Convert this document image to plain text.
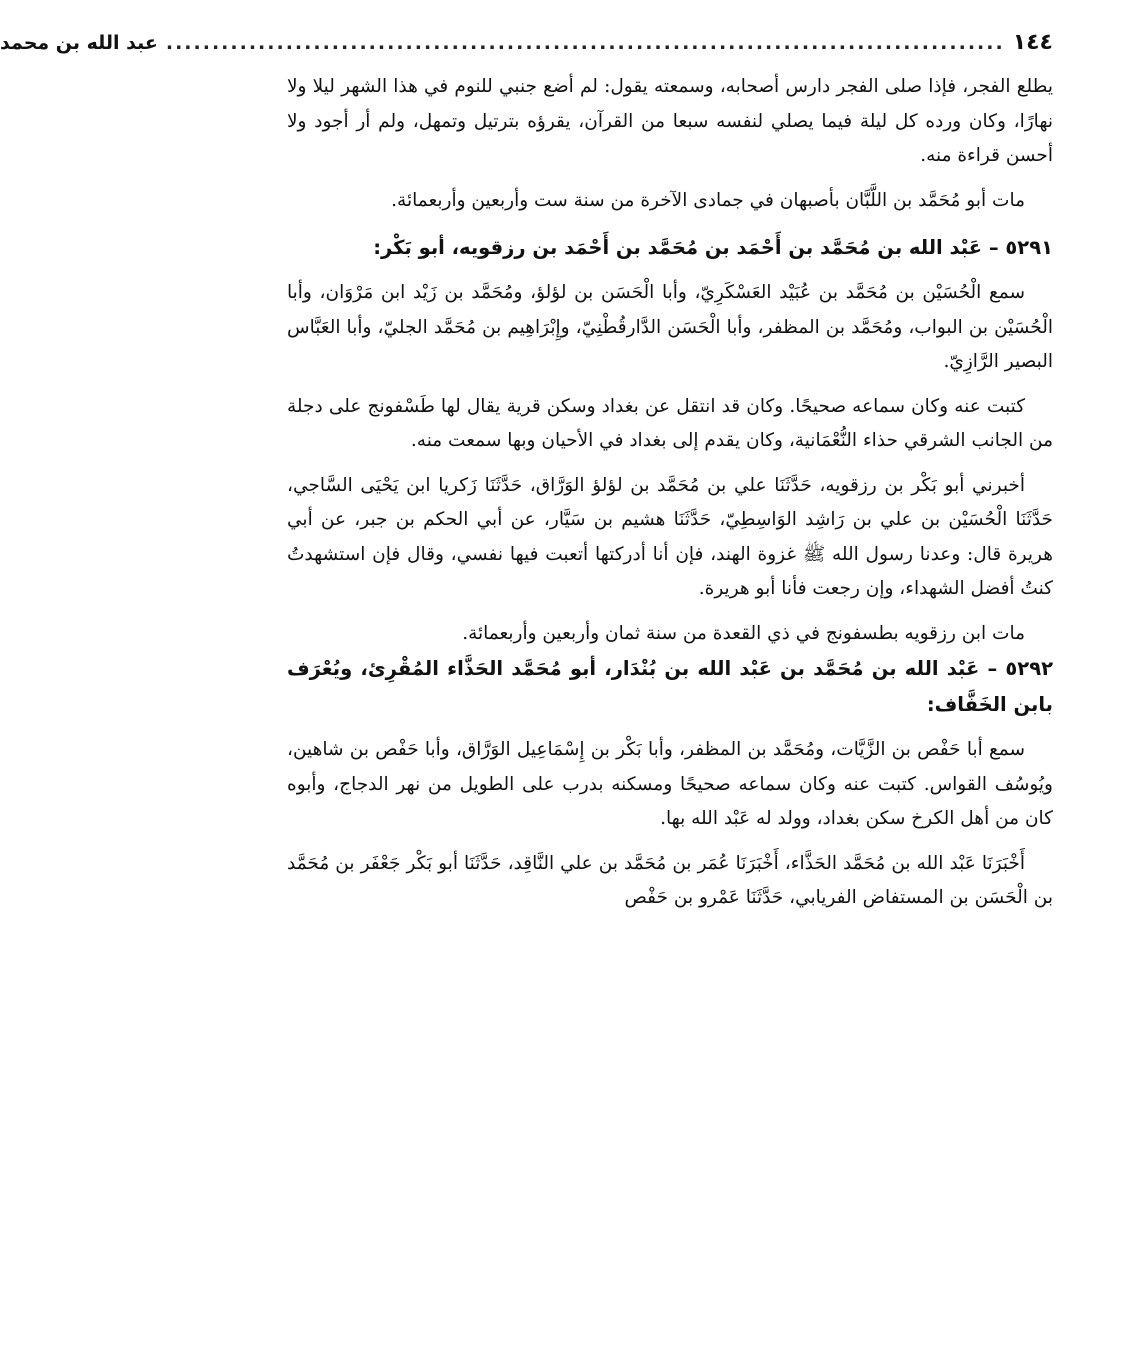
١٤٤
...........................................................................................
عبد الله بن محمد

يطلع الفجر، فإذا صلى الفجر دارس أصحابه، وسمعته يقول: لم أضع جنبي للنوم في هذا الشهر ليلا ولا نهارًا، وكان ورده كل ليلة فيما يصلي لنفسه سبعا من القرآن، يقرؤه بترتيل وتمهل، ولم أر أجود ولا أحسن قراءة منه.

مات أبو مُحَمَّد بن اللَّبَّان بأصبهان في جمادى الآخرة من سنة ست وأربعين وأربعمائة.

٥٢٩١ – عَبْد الله بن مُحَمَّد بن أَحْمَد بن مُحَمَّد بن أَحْمَد بن رزقويه، أبو بَكْر:

سمع الْحُسَيْن بن مُحَمَّد بن عُبَيْد العَسْكَرِيّ، وأبا الْحَسَن بن لؤلؤ، ومُحَمَّد بن زَيْد ابن مَرْوَان، وأبا الْحُسَيْن بن البواب، ومُحَمَّد بن المظفر، وأبا الْحَسَن الدَّارقُطْنِيّ، وإِبْرَاهِيم بن مُحَمَّد الجليّ، وأبا العَبَّاس البصير الرَّازِيّ.

كتبت عنه وكان سماعه صحيحًا. وكان قد انتقل عن بغداد وسكن قرية يقال لها طَسْفونج على دجلة من الجانب الشرقي حذاء النُّعْمَانية، وكان يقدم إلى بغداد في الأحيان وبها سمعت منه.

أخبرني أبو بَكْر بن رزقويه، حَدَّثَنَا علي بن مُحَمَّد بن لؤلؤ الوَرَّاق، حَدَّثَنَا زَكريا ابن يَحْيَى السَّاجي، حَدَّثَنَا الْحُسَيْن بن علي بن رَاشِد الوَاسِطِيّ، حَدَّثَنَا هشيم بن سَيَّار، عن أبي الحكم بن جبر، عن أبي هريرة قال: وعدنا رسول الله ﷺ غزوة الهند، فإن أنا أدركتها أتعبت فيها نفسي، وقال فإن استشهدتُ كنتُ أفضل الشهداء، وإن رجعت فأنا أبو هريرة.

مات ابن رزقويه بطسفونج في ذي القعدة من سنة ثمان وأربعين وأربعمائة.

٥٢٩٢ – عَبْد الله بن مُحَمَّد بن عَبْد الله بن بُنْدَار، أبو مُحَمَّد الحَذَّاء المُقْرِئ، ويُعْرَف بابن الخَفَّاف:

سمع أبا حَفْص بن الزَّيَّات، ومُحَمَّد بن المظفر، وأبا بَكْر بن إِسْمَاعِيل الوَرَّاق، وأبا حَفْص بن شاهين، ويُوسُف القواس. كتبت عنه وكان سماعه صحيحًا ومسكنه بدرب على الطويل من نهر الدجاج، وأبوه كان من أهل الكرخ سكن بغداد، وولد له عَبْد الله بها.

أَخْبَرَنَا عَبْد الله بن مُحَمَّد الحَذَّاء، أَخْبَرَنَا عُمَر بن مُحَمَّد بن علي النَّاقِد، حَدَّثَنَا أبو بَكْر جَعْفَر بن مُحَمَّد بن الْحَسَن بن المستفاض الفريابي، حَدَّثَنَا عَمْرو بن حَفْص
